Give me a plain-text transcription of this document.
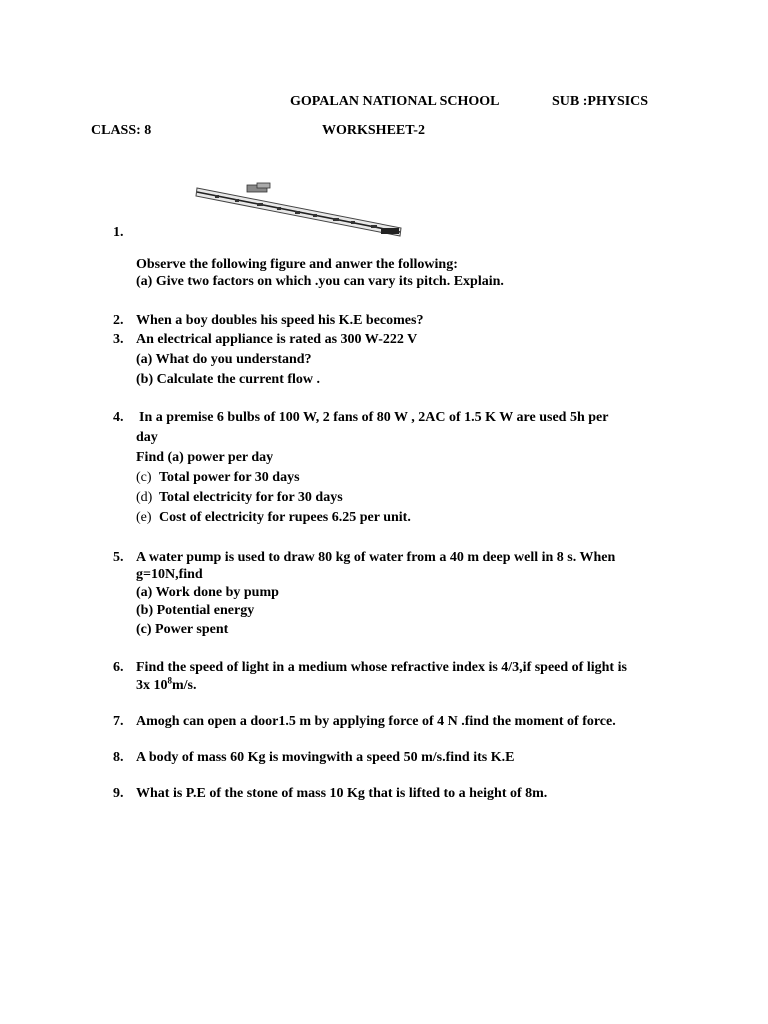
GOPALAN NATIONAL SCHOOL	SUB :PHYSICS
CLASS: 8	WORKSHEET-2
1.
Observe the following figure and anwer the following:
(a) Give two factors on which .you can vary its pitch. Explain.
2. When a boy doubles his speed his K.E becomes?
3. An electrical appliance is rated as 300 W-222 V
(a) What do you understand?
(b) Calculate the current flow .
4. In a premise 6 bulbs of 100 W, 2 fans of 80 W , 2AC of 1.5 K W are used 5h per
day
Find (a) power per day
(c) Total power for 30 days
(d) Total electricity for for 30 days
(e) Cost of electricity for rupees 6.25 per unit.
5. A water pump is used to draw 80 kg of water from a 40 m deep well in 8 s. When
g=10N,find
(a) Work done by pump
(b) Potential energy
(c) Power spent
6. Find the speed of light in a medium whose refractive index is 4/3,if speed of light is
3x $10^8m/s$.
7. Amogh can open a door1.5 m by applying force of 4 N .find the moment of force.
8. A body of mass 60 Kg is movingwith a speed 50 m/s.find its K.E
9. What is P.E of the stone of mass 10 Kg that is lifted to a height of 8m.
